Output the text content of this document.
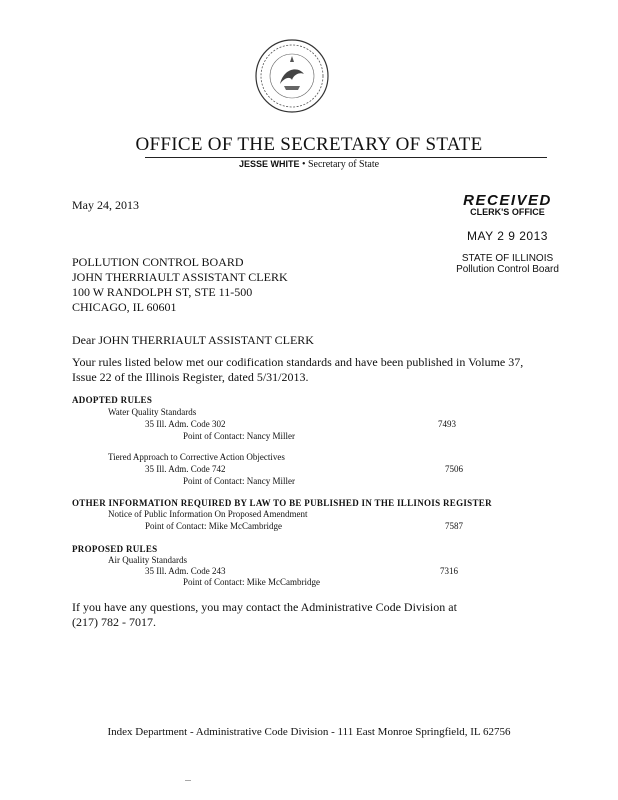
OFFICE OF THE SECRETARY OF STATE
JESSE WHITE • Secretary of State
May 24, 2013	RECEIVED
CLERK'S OFFICE
MAY 2 9 2013
STATE OF ILLINOIS
Pollution Control Board
POLLUTION CONTROL BOARD
JOHN THERRIAULT ASSISTANT CLERK
100 W RANDOLPH ST, STE 11-500
CHICAGO, IL 60601
Dear JOHN THERRIAULT ASSISTANT CLERK
Your rules listed below met our codification standards and have been published in Volume 37, Issue 22 of the Illinois Register, dated 5/31/2013.
ADOPTED RULES
Water Quality Standards
35 Ill. Adm. Code 302	7493
Point of Contact: Nancy Miller
Tiered Approach to Corrective Action Objectives
35 Ill. Adm. Code 742	7506
Point of Contact: Nancy Miller
OTHER INFORMATION REQUIRED BY LAW TO BE PUBLISHED IN THE ILLINOIS REGISTER
Notice of Public Information On Proposed Amendment
Point of Contact: Mike McCambridge	7587
PROPOSED RULES
Air Quality Standards
35 Ill. Adm. Code 243	7316
Point of Contact: Mike McCambridge
If you have any questions, you may contact the Administrative Code Division at
(217) 782 - 7017.
Index Department - Administrative Code Division - 111 East Monroe Springfield, IL 62756
...
